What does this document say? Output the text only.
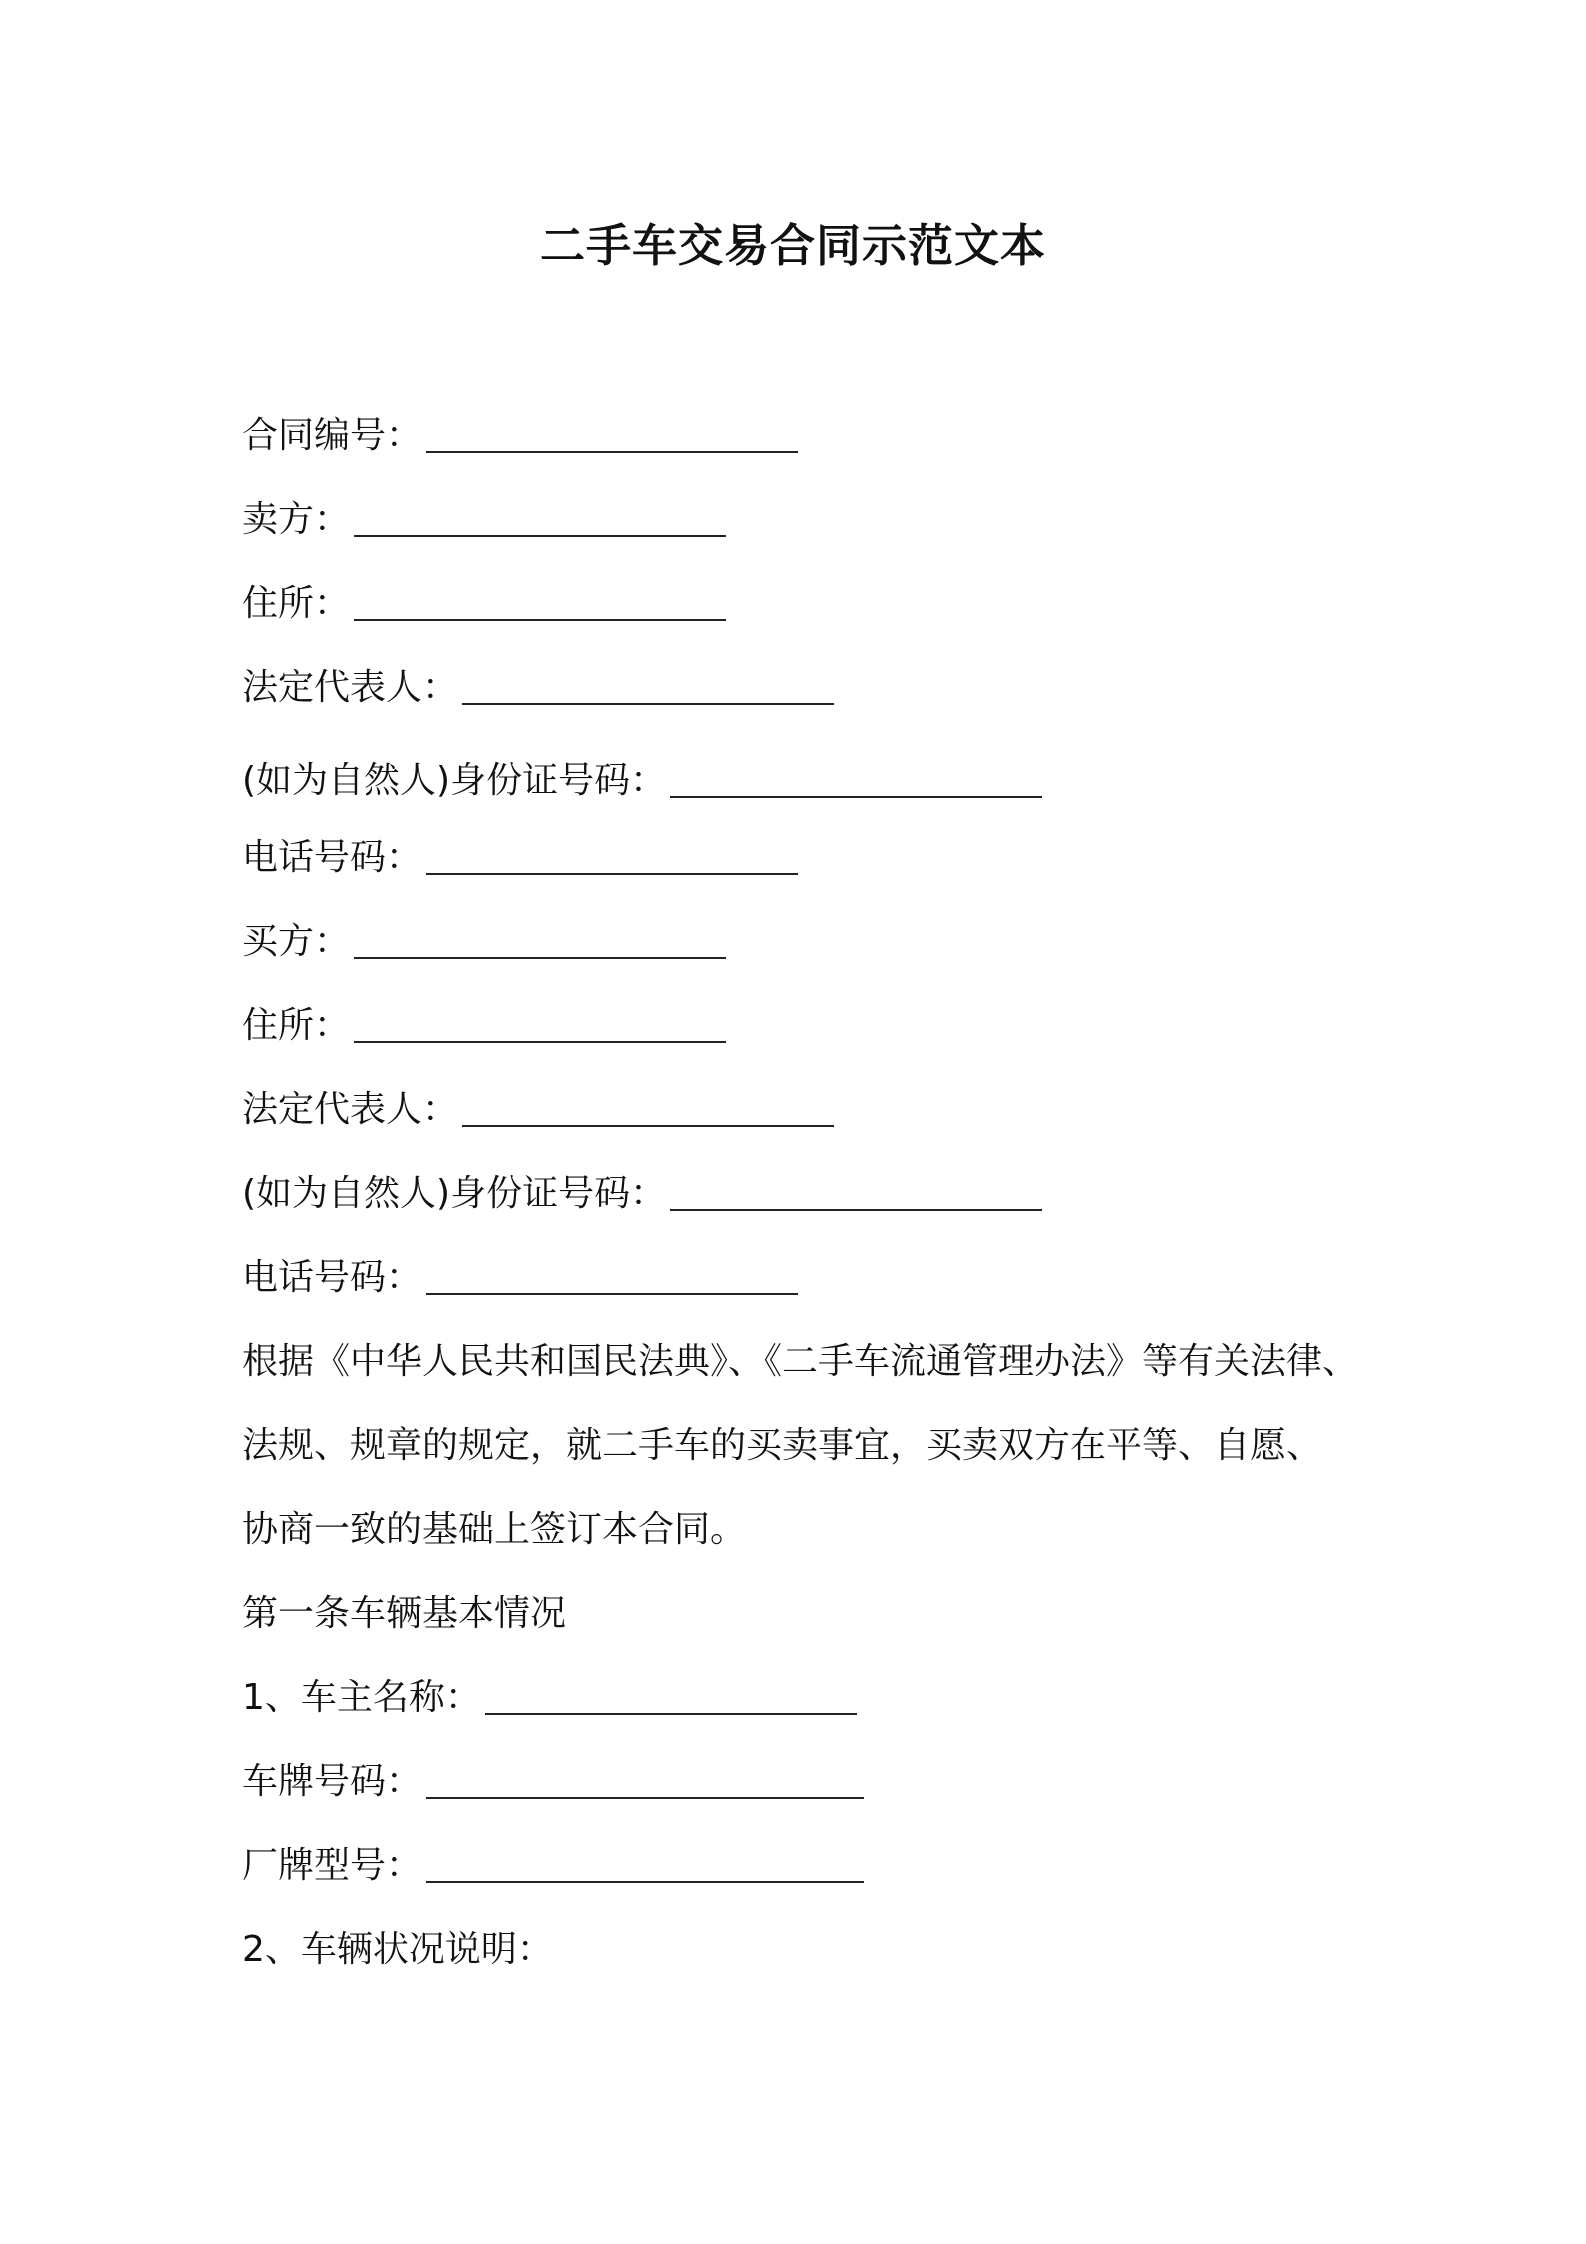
二手车交易合同示范文本
合同编号：
卖方：
住所：
法定代表人：
(如为自然人)身份证号码：
电话号码：
买方：
住所：
法定代表人：
(如为自然人)身份证号码：
电话号码：
根据《中华人民共和国民法典》、《二手车流通管理办法》等有关法律、
法规、规章的规定，就二手车的买卖事宜，买卖双方在平等、自愿、
协商一致的基础上签订本合同。
第一条车辆基本情况
1、车主名称：
车牌号码：
厂牌型号：
2、车辆状况说明：
